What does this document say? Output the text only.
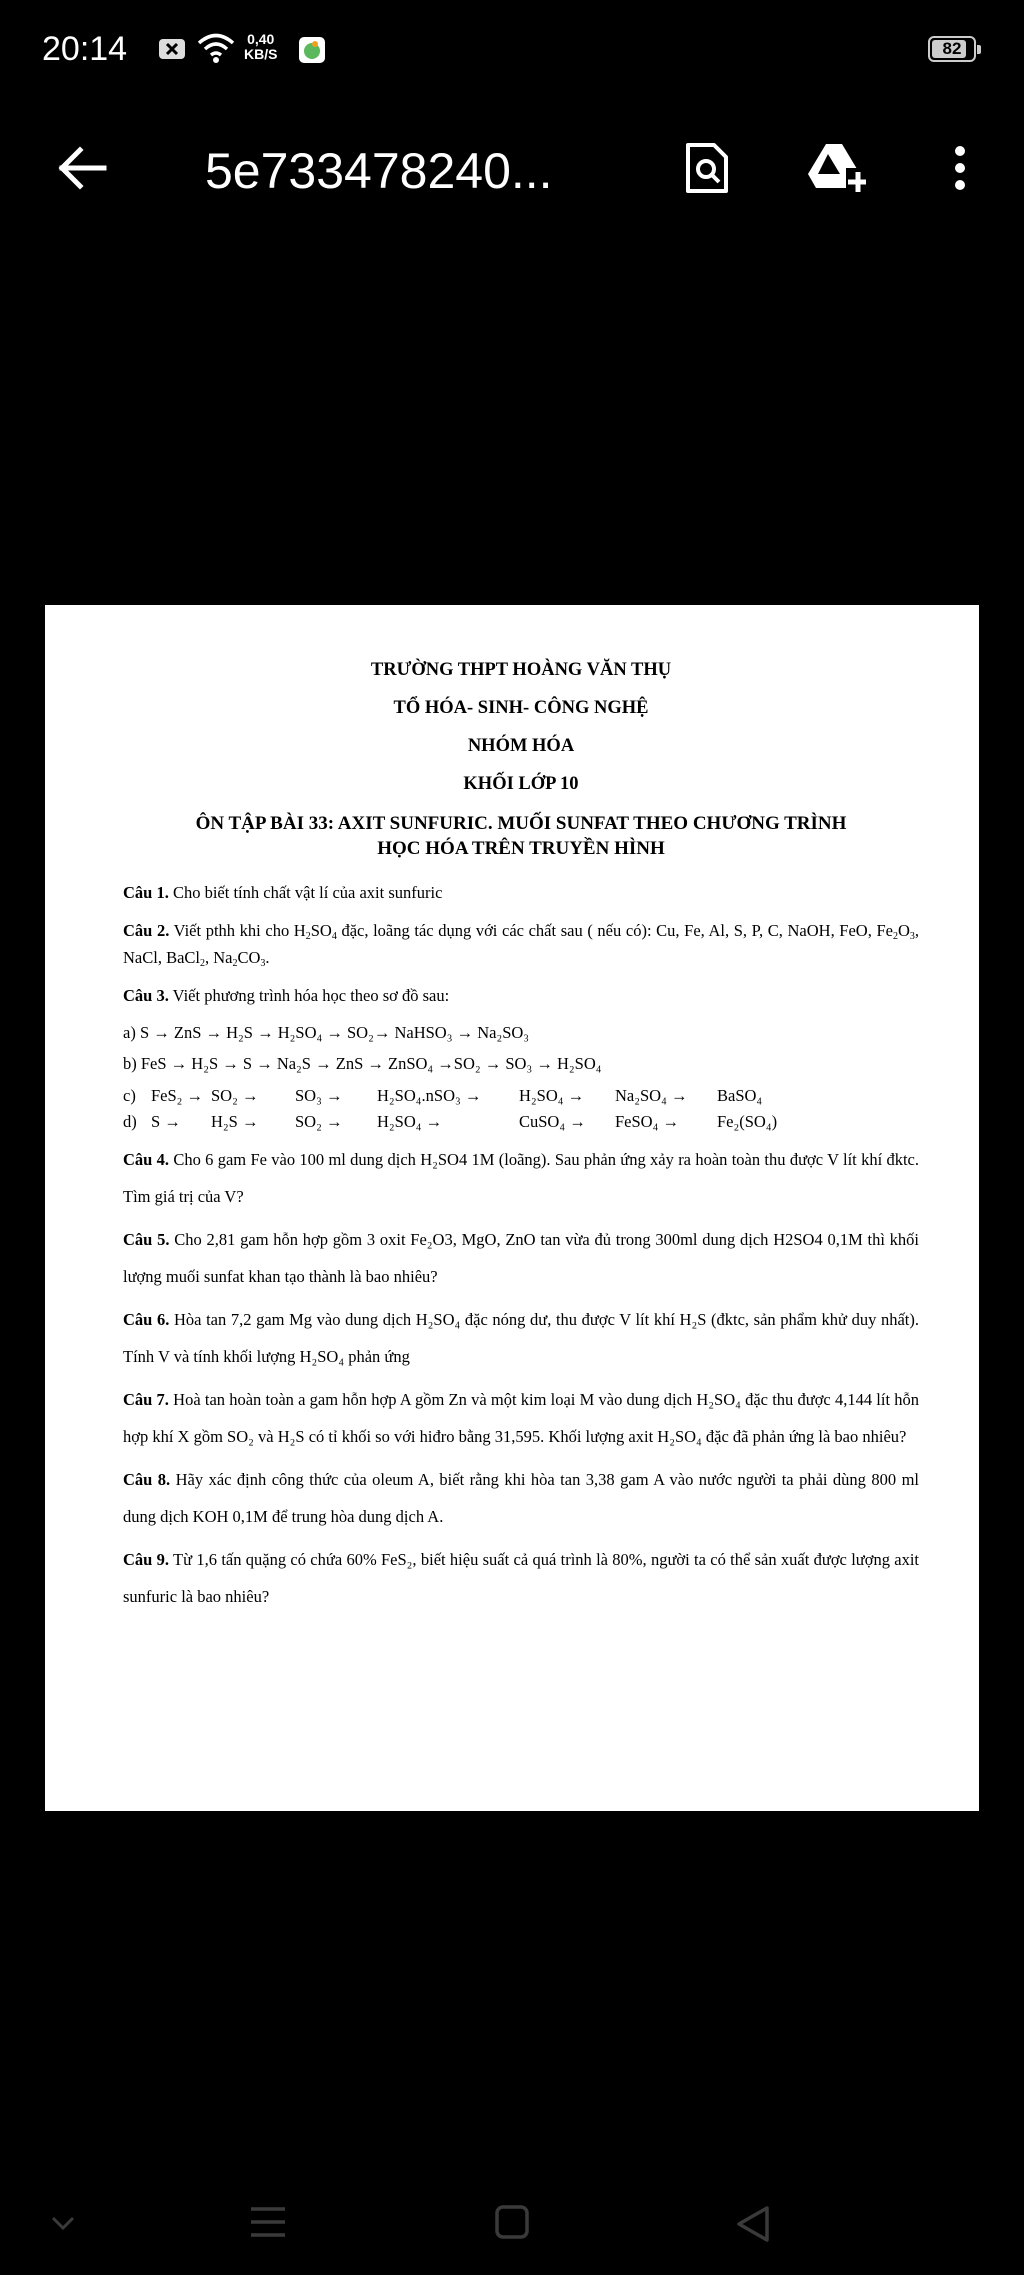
20:14	0,40
KB/S	82
5e733478240...
TRƯỜNG THPT HOÀNG VĂN THỤ
TỔ HÓA- SINH- CÔNG NGHỆ
NHÓM HÓA
KHỐI LỚP 10
ÔN TẬP BÀI 33: AXIT SUNFURIC. MUỐI SUNFAT THEO CHƯƠNG TRÌNH
HỌC HÓA TRÊN TRUYỀN HÌNH
Câu 1. Cho biết tính chất vật lí của axit sunfuric
Câu 2. Viết pthh khi cho $H_2SO_4$ đặc, loãng tác dụng với các chất sau ( nếu có): Cu, Fe, Al, S, P, C, NaOH, FeO, $Fe_2O_3$, NaCl, BaCl$_2$, $Na_2CO_3$.
Câu 3. Viết phương trình hóa học theo sơ đồ sau:
a) S → ZnS → H₂S → H₂SO₄ → SO₂→ NaHSO₃ → Na₂SO₃
b) FeS → H₂S → S → Na₂S → ZnS → ZnSO₄ →SO₂ → SO₃ → H₂SO₄
c) FeS₂ → SO₂ →	SO₃ →	H₂SO₄.nSO₃ →	H₂SO₄ →	Na₂SO₄ →	BaSO₄
d) S →	H₂S →	SO₂ →	H₂SO₄ →	CuSO₄ →	FeSO₄ →	Fe₂(SO₄)
Câu 4. Cho 6 gam Fe vào 100 ml dung dịch H₂SO4 1M (loãng). Sau phản ứng xảy ra hoàn toàn thu được V lít khí đktc. Tìm giá trị của V?
Câu 5. Cho 2,81 gam hỗn hợp gồm 3 oxit Fe₂O3, MgO, ZnO tan vừa đủ trong 300ml dung dịch H2SO4 0,1M thì khối lượng muối sunfat khan tạo thành là bao nhiêu?
Câu 6. Hòa tan 7,2 gam Mg vào dung dịch H₂SO₄ đặc nóng dư, thu được V lít khí H₂S (đktc, sản phẩm khử duy nhất). Tính V và tính khối lượng H₂SO₄ phản ứng
Câu 7. Hoà tan hoàn toàn a gam hỗn hợp A gồm Zn và một kim loại M vào dung dịch H₂SO₄ đặc thu được 4,144 lít hỗn hợp khí X gồm SO₂ và H₂S có tỉ khối so với hiđro bằng 31,595. Khối lượng axit H₂SO₄ đặc đã phản ứng là bao nhiêu?
Câu 8. Hãy xác định công thức của oleum A, biết rằng khi hòa tan 3,38 gam A vào nước người ta phải dùng 800 ml dung dịch KOH 0,1M để trung hòa dung dịch A.
Câu 9. Từ 1,6 tấn quặng có chứa 60% FeS₂, biết hiệu suất cả quá trình là 80%, người ta có thể sản xuất được lượng axit sunfuric là bao nhiêu?
